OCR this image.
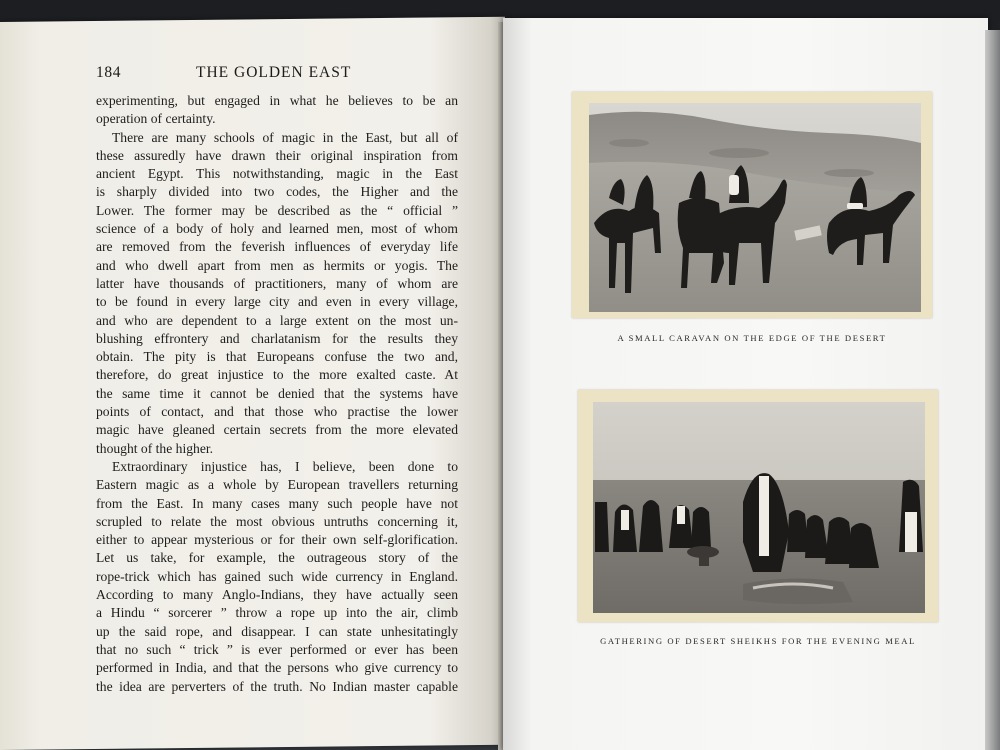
184	THE GOLDEN EAST
experimenting, but engaged in what he believes to be an
operation of certainty.
There are many schools of magic in the East, but all of
these assuredly have drawn their original inspiration from
ancient Egypt. This notwithstanding, magic in the East
is sharply divided into two codes, the Higher and the
Lower. The former may be described as the “ official ”
science of a body of holy and learned men, most of whom
are removed from the feverish influences of everyday life
and who dwell apart from men as hermits or yogis. The
latter have thousands of practitioners, many of whom are
to be found in every large city and even in every village,
and who are dependent to a large extent on the most un-
blushing effrontery and charlatanism for the results they
obtain. The pity is that Europeans confuse the two and,
therefore, do great injustice to the more exalted caste. At
the same time it cannot be denied that the systems have
points of contact, and that those who practise the lower
magic have gleaned certain secrets from the more elevated
thought of the higher.
Extraordinary injustice has, I believe, been done to
Eastern magic as a whole by European travellers returning
from the East. In many cases many such people have not
scrupled to relate the most obvious untruths concerning it,
either to appear mysterious or for their own self-glorification.
Let us take, for example, the outrageous story of the
rope-trick which has gained such wide currency in England.
According to many Anglo-Indians, they have actually seen
a Hindu “ sorcerer ” throw a rope up into the air, climb
up the said rope, and disappear. I can state unhesitatingly
that no such “ trick ” is ever performed or ever has been
performed in India, and that the persons who give currency to
the idea are perverters of the truth. No Indian master capable
A SMALL CARAVAN ON THE EDGE OF THE DESERT
GATHERING OF DESERT SHEIKHS FOR THE EVENING MEAL
